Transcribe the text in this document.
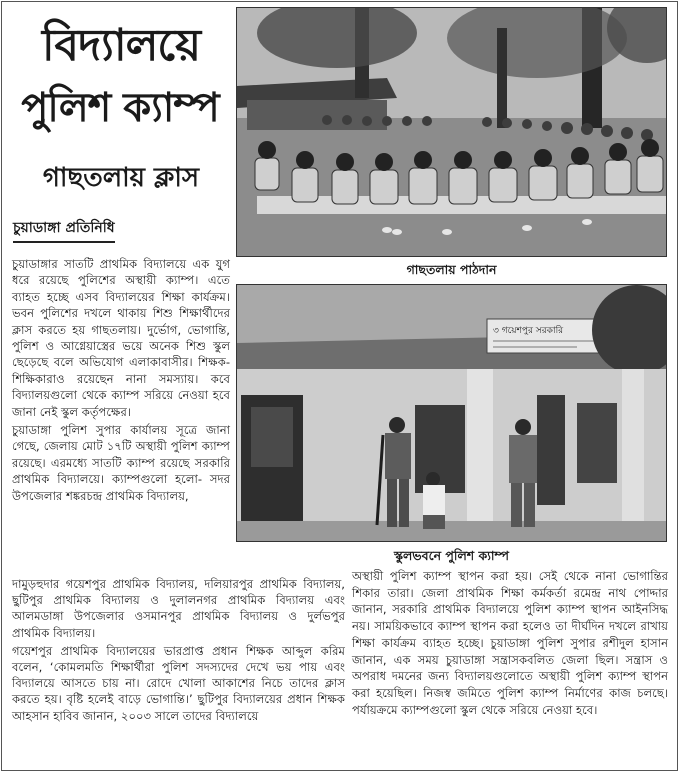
বিদ্যালয়ে
পুলিশ ক্যাম্প
গাছতলায় ক্লাস
চুয়াডাঙ্গা প্রতিনিধি

চুয়াডাঙ্গার সাতটি প্রাথমিক বিদ্যালয়ে এক যুগ ধরে রয়েছে পুলিশের অস্থায়ী ক্যাম্প। এতে ব্যাহত হচ্ছে এসব বিদ্যালয়ের শিক্ষা কার্যক্রম। ভবন পুলিশের দখলে থাকায় শিশু শিক্ষার্থীদের ক্লাস করতে হয় গাছতলায়। দুর্ভোগ, ভোগান্তি, পুলিশ ও আগ্নেয়াস্ত্রের ভয়ে অনেক শিশু স্কুল ছেড়েছে বলে অভিযোগ এলাকাবাসীর। শিক্ষক-শিক্ষিকারাও রয়েছেন নানা সমস্যায়। কবে বিদ্যালয়গুলো থেকে ক্যাম্প সরিয়ে নেওয়া হবে জানা নেই স্কুল কর্তৃপক্ষের।

চুয়াডাঙ্গা পুলিশ সুপার কার্যালয় সূত্রে জানা গেছে, জেলায় মোট ১৭টি অস্থায়ী পুলিশ ক্যাম্প রয়েছে। এরমধ্যে সাতটি ক্যাম্প রয়েছে সরকারি প্রাথমিক বিদ্যালয়ে। ক্যাম্পগুলো হলো- সদর উপজেলার শঙ্করচন্দ্র প্রাথমিক বিদ্যালয়,

দামুড়হুদার গয়েশপুর প্রাথমিক বিদ্যালয়, দলিয়ারপুর প্রাথমিক বিদ্যালয়, ছুটিপুর প্রাথমিক বিদ্যালয় ও দুলালনগর প্রাথমিক বিদ্যালয় এবং আলমডাঙ্গা উপজেলার ওসমানপুর প্রাথমিক বিদ্যালয় ও দুর্লভপুর প্রাথমিক বিদ্যালয়।

গয়েশপুর প্রাথমিক বিদ্যালয়ের ভারপ্রাপ্ত প্রধান শিক্ষক আব্দুল করিম বলেন, ‘কোমলমতি শিক্ষার্থীরা পুলিশ সদস্যদের দেখে ভয় পায় এবং বিদ্যালয়ে আসতে চায় না। রোদে খোলা আকাশের নিচে তাদের ক্লাস করতে হয়। বৃষ্টি হলেই বাড়ে ভোগান্তি।’ ছুটিপুর বিদ্যালয়ের প্রধান শিক্ষক আহসান হাবিব জানান, ২০০৩ সালে তাদের বিদ্যালয়ে

অস্থায়ী পুলিশ ক্যাম্প স্থাপন করা হয়। সেই থেকে নানা ভোগান্তির শিকার তারা। জেলা প্রাথমিক শিক্ষা কর্মকর্তা রমেন্দ্র নাথ পোদ্দার জানান, সরকারি প্রাথমিক বিদ্যালয়ে পুলিশ ক্যাম্প স্থাপন আইনসিদ্ধ নয়। সাময়িকভাবে ক্যাম্প স্থাপন করা হলেও তা দীর্ঘদিন দখলে রাখায় শিক্ষা কার্যক্রম ব্যাহত হচ্ছে। চুয়াডাঙ্গা পুলিশ সুপার রশীদুল হাসান জানান, এক সময় চুয়াডাঙ্গা সন্ত্রাসকবলিত জেলা ছিল। সন্ত্রাস ও অপরাধ দমনের জন্য বিদ্যালয়গুলোতে অস্থায়ী পুলিশ ক্যাম্প স্থাপন করা হয়েছিল। নিজস্ব জমিতে পুলিশ ক্যাম্প নির্মাণের কাজ চলছে। পর্যায়ক্রমে ক্যাম্পগুলো স্কুল থেকে সরিয়ে নেওয়া হবে।

গাছতলায় পাঠদান
৩ গয়েশপুর সরকারি
স্কুলভবনে পুলিশ ক্যাম্প
